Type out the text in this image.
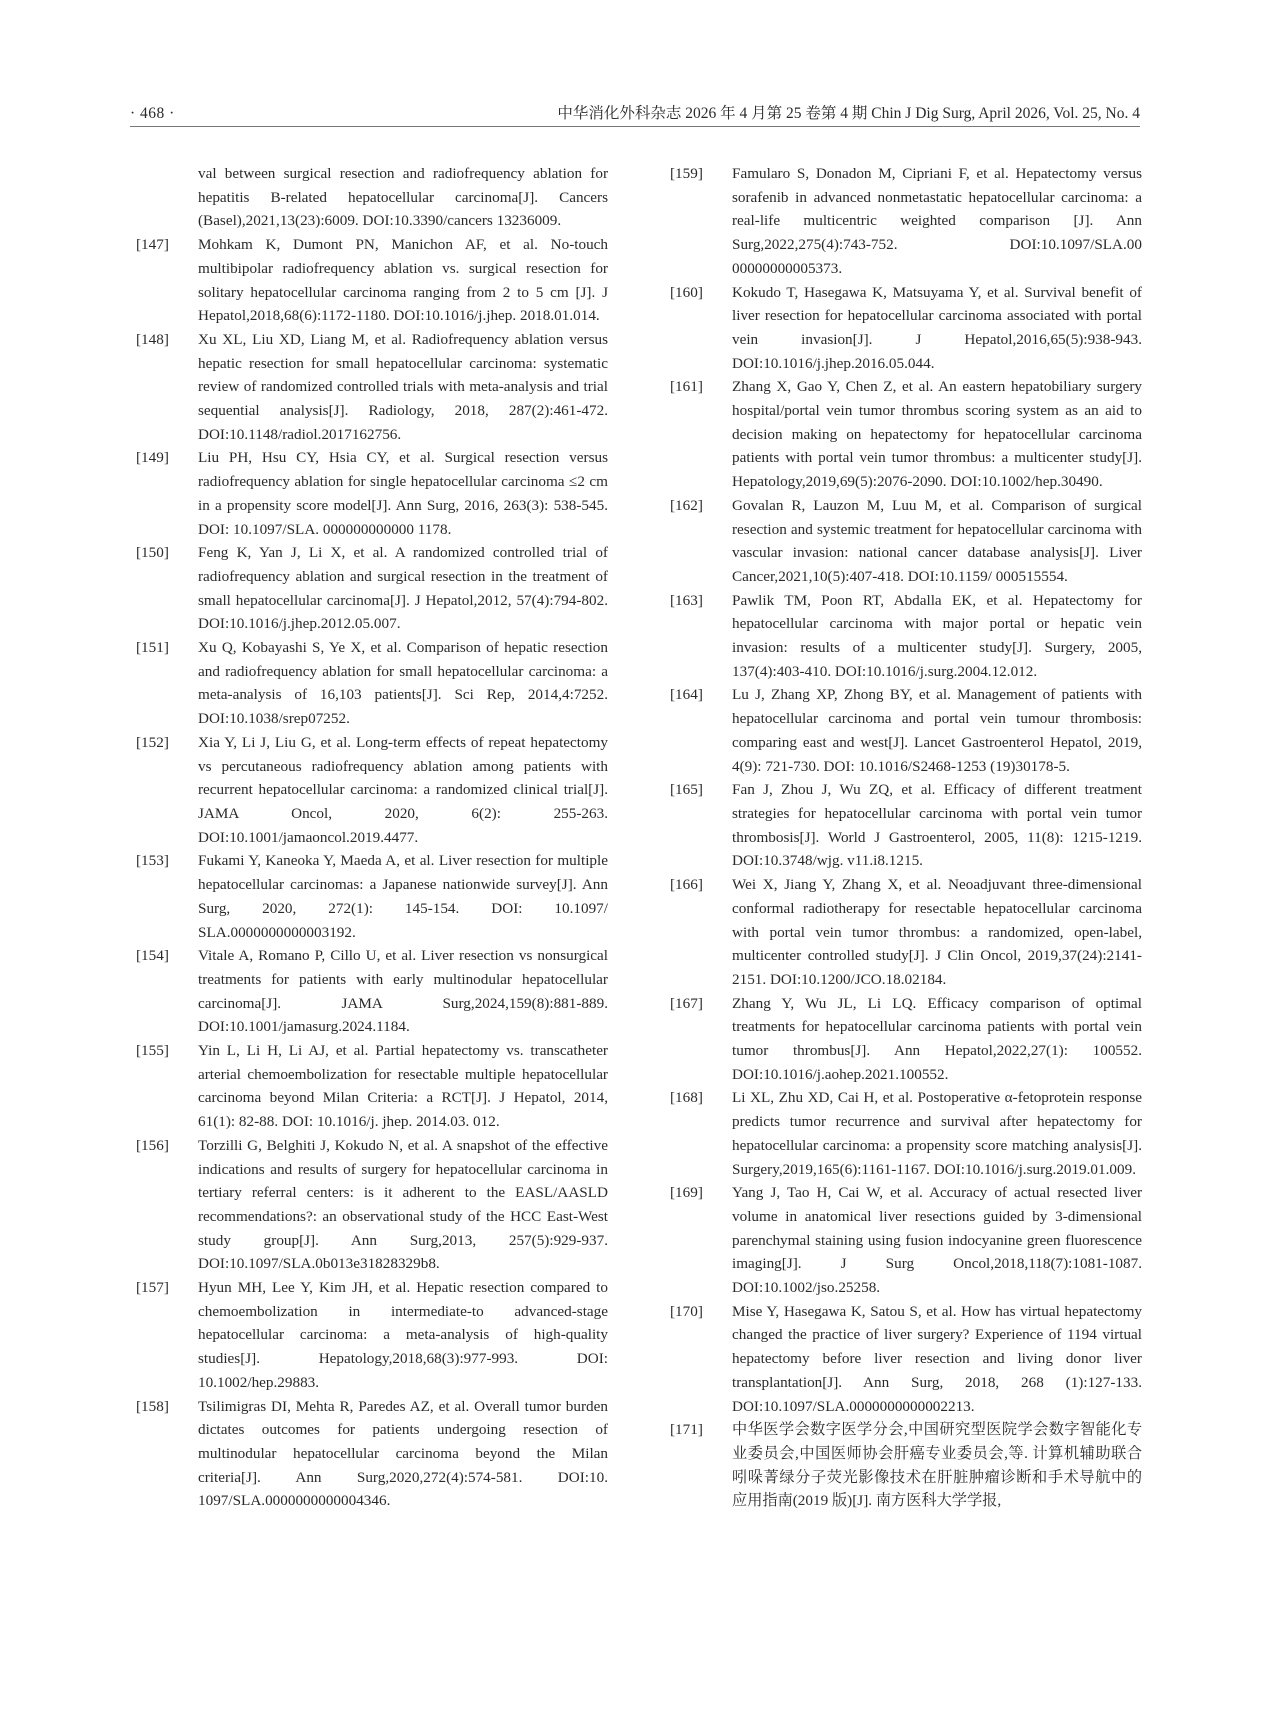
· 468 ·	中华消化外科杂志 2026 年 4 月第 25 卷第 4 期 Chin J Dig Surg, April 2026, Vol. 25, No. 4

val between surgical resection and radiofrequency ablation for hepatitis B-related hepatocellular carcinoma[J]. Cancers (Basel),2021,13(23):6009. DOI:10.3390/cancers 13236009.

[147] Mohkam K, Dumont PN, Manichon AF, et al. No-touch multibipolar radiofrequency ablation vs. surgical resection for solitary hepatocellular carcinoma ranging from 2 to 5 cm [J]. J Hepatol,2018,68(6):1172-1180. DOI:10.1016/j.jhep. 2018.01.014.

[148] Xu XL, Liu XD, Liang M, et al. Radiofrequency ablation versus hepatic resection for small hepatocellular carcinoma: systematic review of randomized controlled trials with meta-analysis and trial sequential analysis[J]. Radiology, 2018, 287(2):461-472. DOI:10.1148/radiol.2017162756.

[149] Liu PH, Hsu CY, Hsia CY, et al. Surgical resection versus radiofrequency ablation for single hepatocellular carcinoma ≤2 cm in a propensity score model[J]. Ann Surg, 2016, 263(3): 538-545. DOI: 10.1097/SLA. 000000000000 1178.

[150] Feng K, Yan J, Li X, et al. A randomized controlled trial of radiofrequency ablation and surgical resection in the treatment of small hepatocellular carcinoma[J]. J Hepatol,2012, 57(4):794-802. DOI:10.1016/j.jhep.2012.05.007.

[151] Xu Q, Kobayashi S, Ye X, et al. Comparison of hepatic resection and radiofrequency ablation for small hepatocellular carcinoma: a meta-analysis of 16,103 patients[J]. Sci Rep, 2014,4:7252. DOI:10.1038/srep07252.

[152] Xia Y, Li J, Liu G, et al. Long-term effects of repeat hepatectomy vs percutaneous radiofrequency ablation among patients with recurrent hepatocellular carcinoma: a randomized clinical trial[J]. JAMA Oncol, 2020, 6(2): 255-263. DOI:10.1001/jamaoncol.2019.4477.

[153] Fukami Y, Kaneoka Y, Maeda A, et al. Liver resection for multiple hepatocellular carcinomas: a Japanese nationwide survey[J]. Ann Surg, 2020, 272(1): 145-154. DOI: 10.1097/ SLA.0000000000003192.

[154] Vitale A, Romano P, Cillo U, et al. Liver resection vs nonsurgical treatments for patients with early multinodular hepatocellular carcinoma[J]. JAMA Surg,2024,159(8):881-889. DOI:10.1001/jamasurg.2024.1184.

[155] Yin L, Li H, Li AJ, et al. Partial hepatectomy vs. transcatheter arterial chemoembolization for resectable multiple hepatocellular carcinoma beyond Milan Criteria: a RCT[J]. J Hepatol, 2014, 61(1): 82-88. DOI: 10.1016/j. jhep. 2014.03. 012.

[156] Torzilli G, Belghiti J, Kokudo N, et al. A snapshot of the effective indications and results of surgery for hepatocellular carcinoma in tertiary referral centers: is it adherent to the EASL/AASLD recommendations?: an observational study of the HCC East-West study group[J]. Ann Surg,2013, 257(5):929-937. DOI:10.1097/SLA.0b013e31828329b8.

[157] Hyun MH, Lee Y, Kim JH, et al. Hepatic resection compared to chemoembolization in intermediate-to advanced-stage hepatocellular carcinoma: a meta-analysis of high-quality studies[J]. Hepatology,2018,68(3):977-993. DOI: 10.1002/hep.29883.

[158] Tsilimigras DI, Mehta R, Paredes AZ, et al. Overall tumor burden dictates outcomes for patients undergoing resection of multinodular hepatocellular carcinoma beyond the Milan criteria[J]. Ann Surg,2020,272(4):574-581. DOI:10. 1097/SLA.0000000000004346.

[159] Famularo S, Donadon M, Cipriani F, et al. Hepatectomy versus sorafenib in advanced nonmetastatic hepatocellular carcinoma: a real-life multicentric weighted comparison [J]. Ann Surg,2022,275(4):743-752. DOI:10.1097/SLA.00 00000000005373.

[160] Kokudo T, Hasegawa K, Matsuyama Y, et al. Survival benefit of liver resection for hepatocellular carcinoma associated with portal vein invasion[J]. J Hepatol,2016,65(5):938-943. DOI:10.1016/j.jhep.2016.05.044.

[161] Zhang X, Gao Y, Chen Z, et al. An eastern hepatobiliary surgery hospital/portal vein tumor thrombus scoring system as an aid to decision making on hepatectomy for hepatocellular carcinoma patients with portal vein tumor thrombus: a multicenter study[J]. Hepatology,2019,69(5):2076-2090. DOI:10.1002/hep.30490.

[162] Govalan R, Lauzon M, Luu M, et al. Comparison of surgical resection and systemic treatment for hepatocellular carcinoma with vascular invasion: national cancer database analysis[J]. Liver Cancer,2021,10(5):407-418. DOI:10.1159/ 000515554.

[163] Pawlik TM, Poon RT, Abdalla EK, et al. Hepatectomy for hepatocellular carcinoma with major portal or hepatic vein invasion: results of a multicenter study[J]. Surgery, 2005, 137(4):403-410. DOI:10.1016/j.surg.2004.12.012.

[164] Lu J, Zhang XP, Zhong BY, et al. Management of patients with hepatocellular carcinoma and portal vein tumour thrombosis: comparing east and west[J]. Lancet Gastroenterol Hepatol, 2019, 4(9): 721-730. DOI: 10.1016/S2468-1253 (19)30178-5.

[165] Fan J, Zhou J, Wu ZQ, et al. Efficacy of different treatment strategies for hepatocellular carcinoma with portal vein tumor thrombosis[J]. World J Gastroenterol, 2005, 11(8): 1215-1219. DOI:10.3748/wjg. v11.i8.1215.

[166] Wei X, Jiang Y, Zhang X, et al. Neoadjuvant three-dimensional conformal radiotherapy for resectable hepatocellular carcinoma with portal vein tumor thrombus: a randomized, open-label, multicenter controlled study[J]. J Clin Oncol, 2019,37(24):2141-2151. DOI:10.1200/JCO.18.02184.

[167] Zhang Y, Wu JL, Li LQ. Efficacy comparison of optimal treatments for hepatocellular carcinoma patients with portal vein tumor thrombus[J]. Ann Hepatol,2022,27(1): 100552. DOI:10.1016/j.aohep.2021.100552.

[168] Li XL, Zhu XD, Cai H, et al. Postoperative α-fetoprotein response predicts tumor recurrence and survival after hepatectomy for hepatocellular carcinoma: a propensity score matching analysis[J]. Surgery,2019,165(6):1161-1167. DOI:10.1016/j.surg.2019.01.009.

[169] Yang J, Tao H, Cai W, et al. Accuracy of actual resected liver volume in anatomical liver resections guided by 3-dimensional parenchymal staining using fusion indocyanine green fluorescence imaging[J]. J Surg Oncol,2018,118(7):1081-1087. DOI:10.1002/jso.25258.

[170] Mise Y, Hasegawa K, Satou S, et al. How has virtual hepatectomy changed the practice of liver surgery? Experience of 1194 virtual hepatectomy before liver resection and living donor liver transplantation[J]. Ann Surg, 2018, 268 (1):127-133. DOI:10.1097/SLA.0000000000002213.

[171] 中华医学会数字医学分会,中国研究型医院学会数字智能化专业委员会,中国医师协会肝癌专业委员会,等. 计算机辅助联合吲哚菁绿分子荧光影像技术在肝脏肿瘤诊断和手术导航中的应用指南(2019 版)[J]. 南方医科大学学报,
